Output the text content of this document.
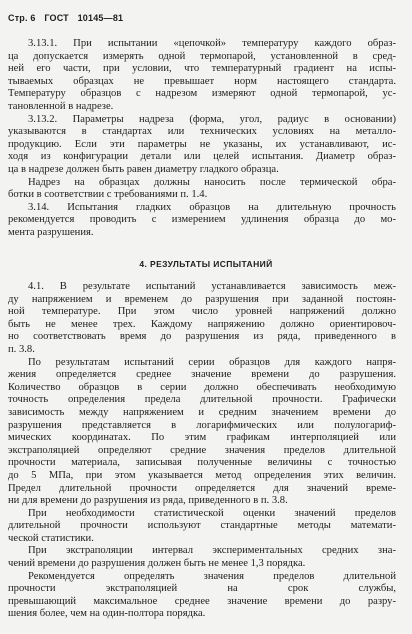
Стр. 6 ГОСТ 10145—81

3.13.1. При испытании «цепочкой» температуру каждого образ-
ца допускается измерять одной термопарой, установленной в сред-
ней его части, при условии, что температурный градиент на испы-
тываемых образцах не превышает норм настоящего стандарта.
Температуру образцов с надрезом измеряют одной термопарой, ус-
тановленной в надрезе.

3.13.2. Параметры надреза (форма, угол, радиус в основании)
указываются в стандартах или технических условиях на металло-
продукцию. Если эти параметры не указаны, их устанавливают, ис-
ходя из конфигурации детали или целей испытания. Диаметр образ-
ца в надрезе должен быть равен диаметру гладкого образца.

Надрез на образцах должны наносить после термической обра-
ботки в соответствии с требованиями п. 1.4.

3.14. Испытания гладких образцов на длительную прочность
рекомендуется проводить с измерением удлинения образца до мо-
мента разрушения.

4. РЕЗУЛЬТАТЫ ИСПЫТАНИЙ

4.1. В результате испытаний устанавливается зависимость меж-
ду напряжением и временем до разрушения при заданной постоян-
ной температуре. При этом число уровней напряжений должно
быть не менее трех. Каждому напряжению должно ориентировоч-
но соответствовать время до разрушения из ряда, приведенного в
п. 3.8.

По результатам испытаний серии образцов для каждого напря-
жения определяется среднее значение времени до разрушения.
Количество образцов в серии должно обеспечивать необходимую
точность определения предела длительной прочности. Графически
зависимость между напряжением и средним значением времени до
разрушения представляется в логарифмических или полулогариф-
мических координатах. По этим графикам интерполяцией или
экстраполяцией определяют средние значения пределов длительной
прочности материала, записывая полученные величины с точностью
до 5 МПа, при этом указывается метод определения этих величин.
Предел длительной прочности определяется для значений време-
ни для времени до разрушения из ряда, приведенного в п. 3.8.

При необходимости статистической оценки значений пределов
длительной прочности используют стандартные методы математи-
ческой статистики.

При экстраполяции интервал экспериментальных средних зна-
чений времени до разрушения должен быть не менее 1,3 порядка.

Рекомендуется определять значения пределов длительной
прочности экстраполяцией на срок службы,
превышающий максимальное среднее значение времени до разру-
шения более, чем на один-полтора порядка.
